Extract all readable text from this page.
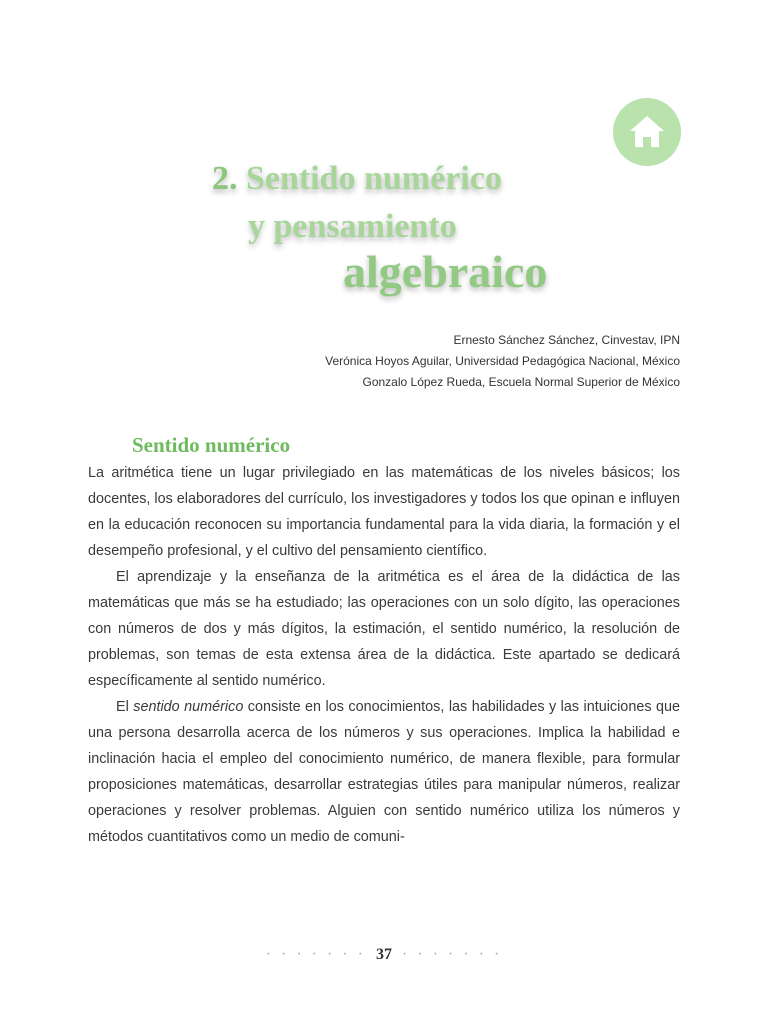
2. Sentido numérico
y pensamiento
algebraico
Ernesto Sánchez Sánchez, Cinvestav, IPN
Verónica Hoyos Aguilar, Universidad Pedagógica Nacional, México
Gonzalo López Rueda, Escuela Normal Superior de México
Sentido numérico

La aritmética tiene un lugar privilegiado en las matemáticas de los niveles básicos; los docentes, los elaboradores del currículo, los investigadores y todos los que opinan e influyen en la educación reconocen su importancia fundamental para la vida diaria, la formación y el desempeño profesional, y el cultivo del pensamiento científico.

El aprendizaje y la enseñanza de la aritmética es el área de la didáctica de las matemáticas que más se ha estudiado; las operaciones con un solo dígito, las operaciones con números de dos y más dígitos, la estimación, el sentido numérico, la resolución de problemas, son temas de esta extensa área de la didáctica. Este apartado se dedicará específicamente al sentido numérico.

El sentido numérico consiste en los conocimientos, las habilidades y las intuiciones que una persona desarrolla acerca de los números y sus operaciones. Implica la habilidad e inclinación hacia el empleo del conocimiento numérico, de manera flexible, para formular proposiciones matemáticas, desarrollar estrategias útiles para manipular números, realizar operaciones y resolver problemas. Alguien con sentido numérico utiliza los números y métodos cuantitativos como un medio de comuni-

· · · · · · · 37 · · · · · · ·
